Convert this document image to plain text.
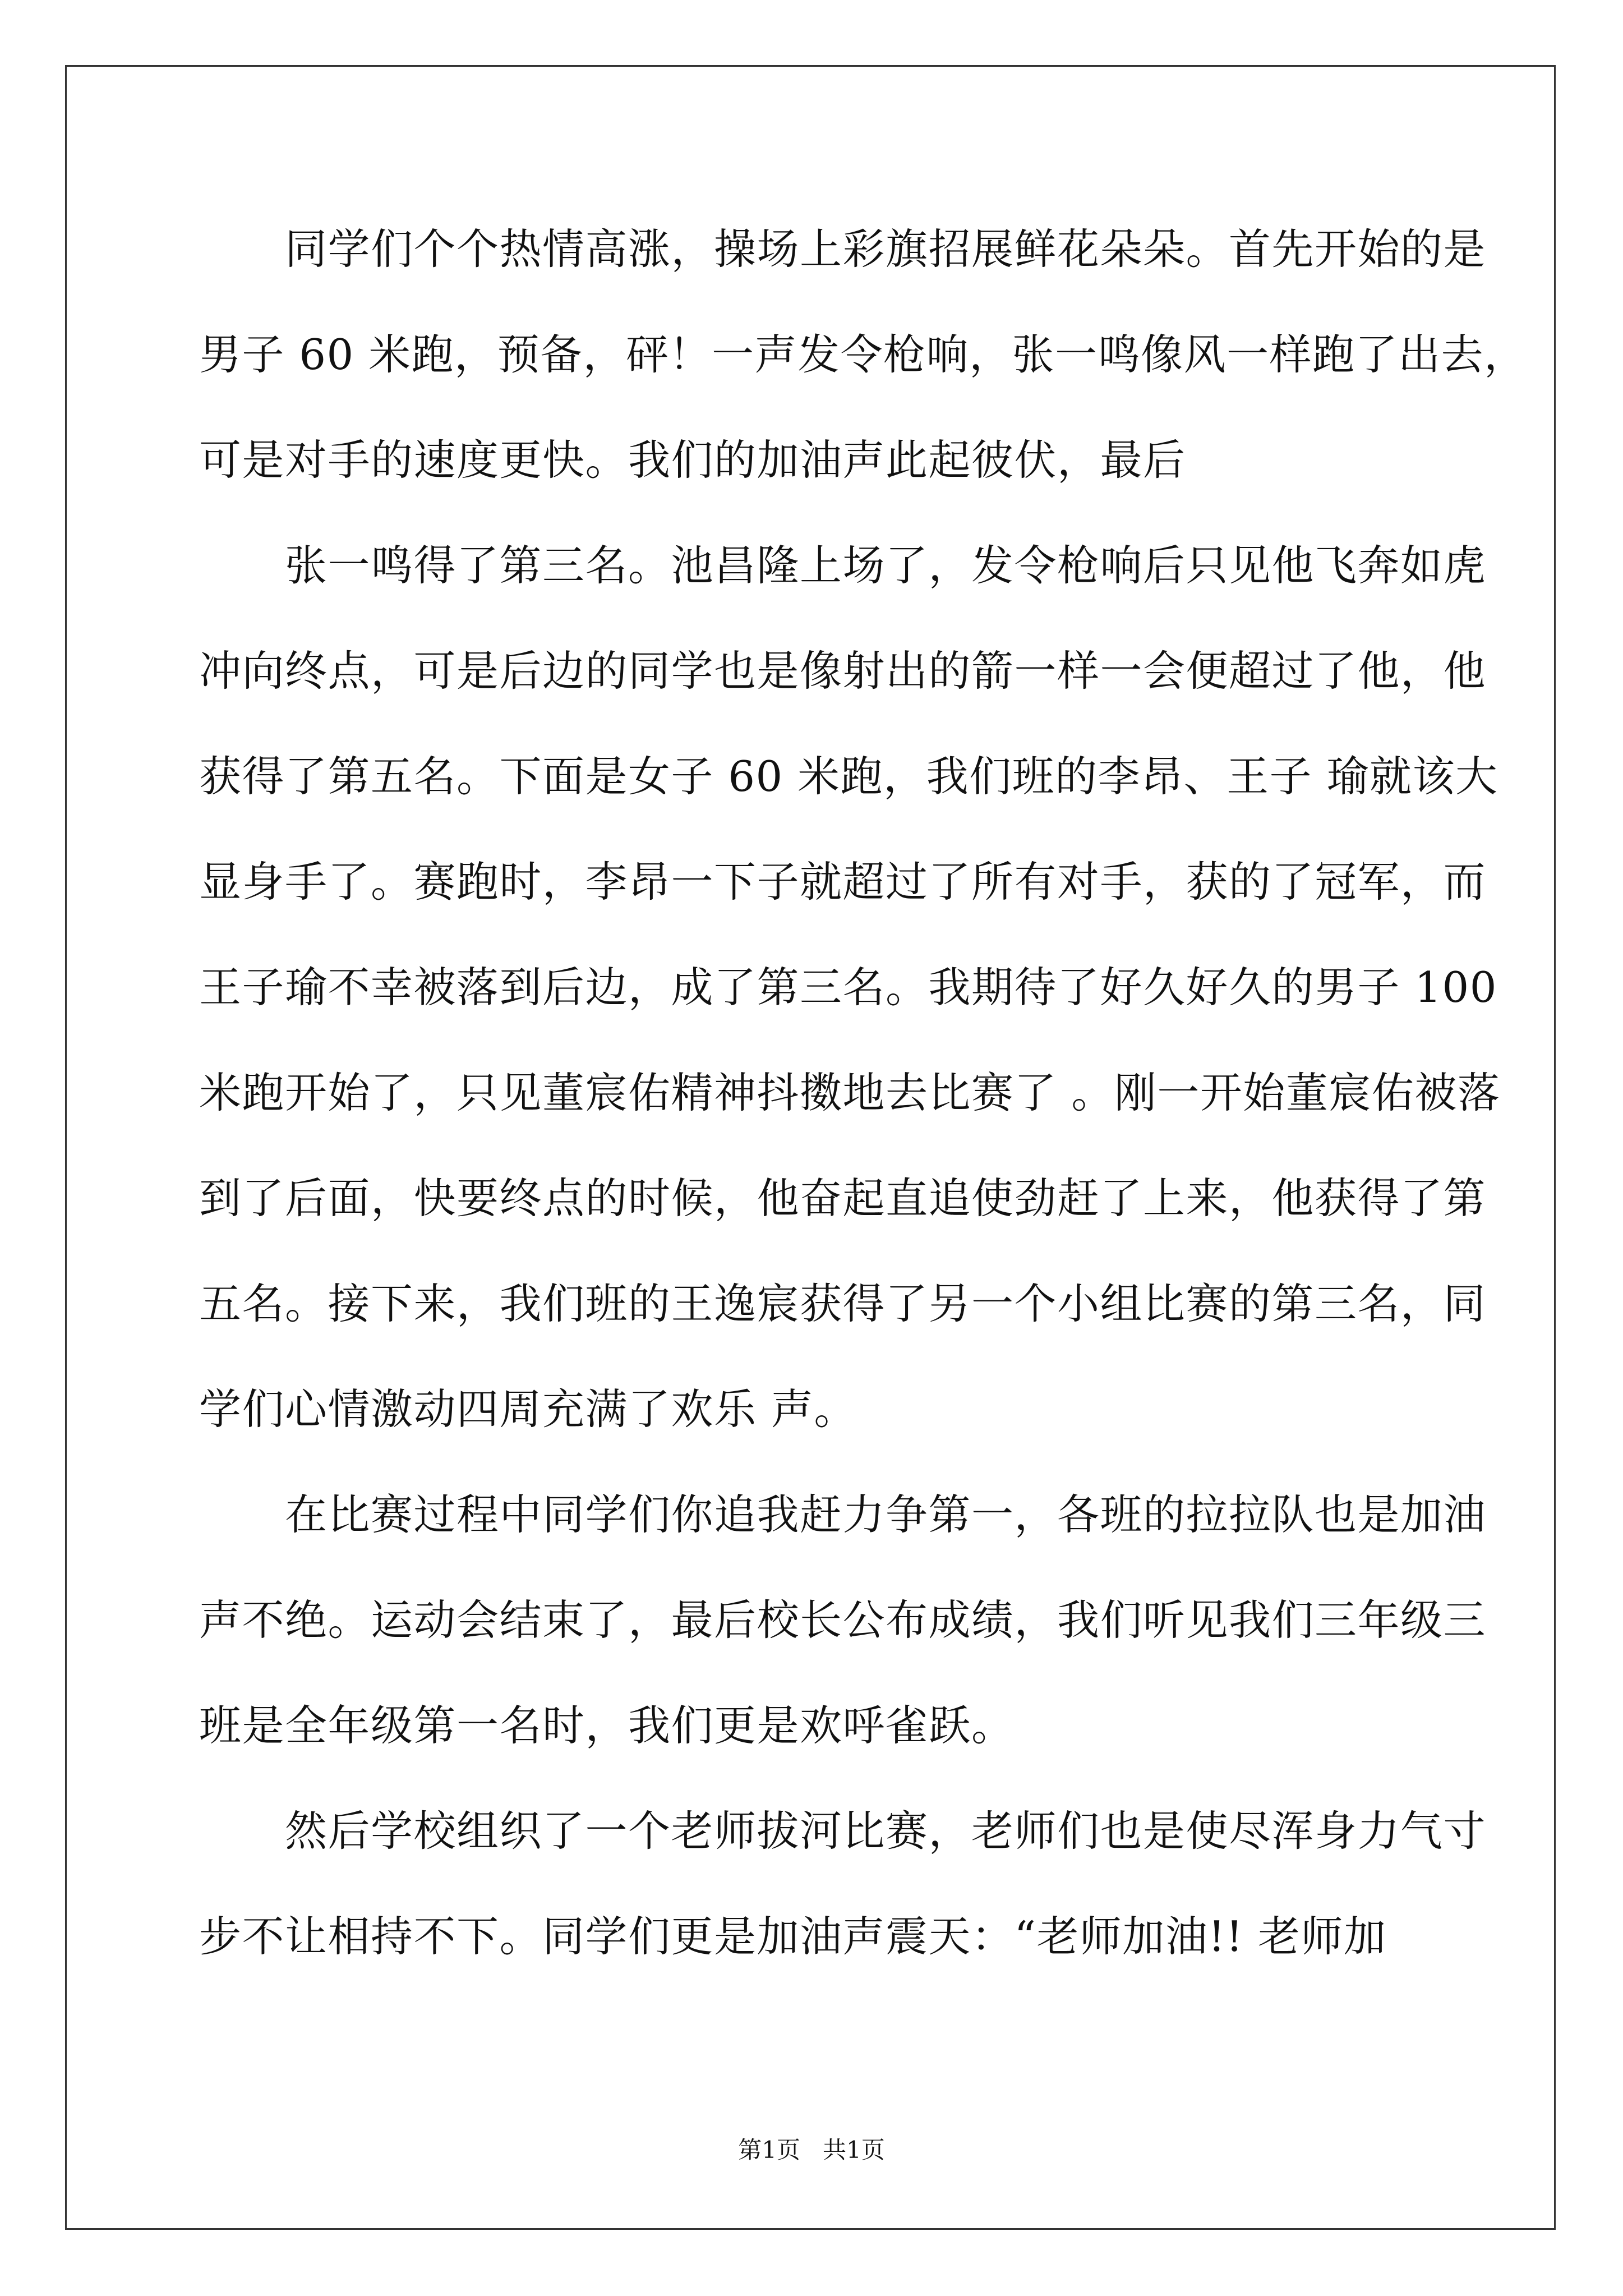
　　同学们个个热情高涨，操场上彩旗招展鲜花朵朵。首先开始的是
男子 60 米跑，预备，砰！一声发令枪响，张一鸣像风一样跑了出去，
可是对手的速度更快。我们的加油声此起彼伏，最后
　　张一鸣得了第三名。池昌隆上场了，发令枪响后只见他飞奔如虎
冲向终点，可是后边的同学也是像射出的箭一样一会便超过了他，他
获得了第五名。下面是女子 60 米跑，我们班的李昂、王子 瑜就该大
显身手了。赛跑时，李昂一下子就超过了所有对手，获的了冠军，而
王子瑜不幸被落到后边，成了第三名。我期待了好久好久的男子 100
米跑开始了，只见董宸佑精神抖擞地去比赛了 。刚一开始董宸佑被落
到了后面，快要终点的时候，他奋起直追使劲赶了上来，他获得了第
五名。接下来，我们班的王逸宸获得了另一个小组比赛的第三名，同
学们心情激动四周充满了欢乐 声。
　　在比赛过程中同学们你追我赶力争第一，各班的拉拉队也是加油
声不绝。运动会结束了，最后校长公布成绩，我们听见我们三年级三
班是全年级第一名时，我们更是欢呼雀跃。
　　然后学校组织了一个老师拔河比赛，老师们也是使尽浑身力气寸
步不让相持不下。同学们更是加油声震天：“老师加油!! 老师加
第1页   共1页
